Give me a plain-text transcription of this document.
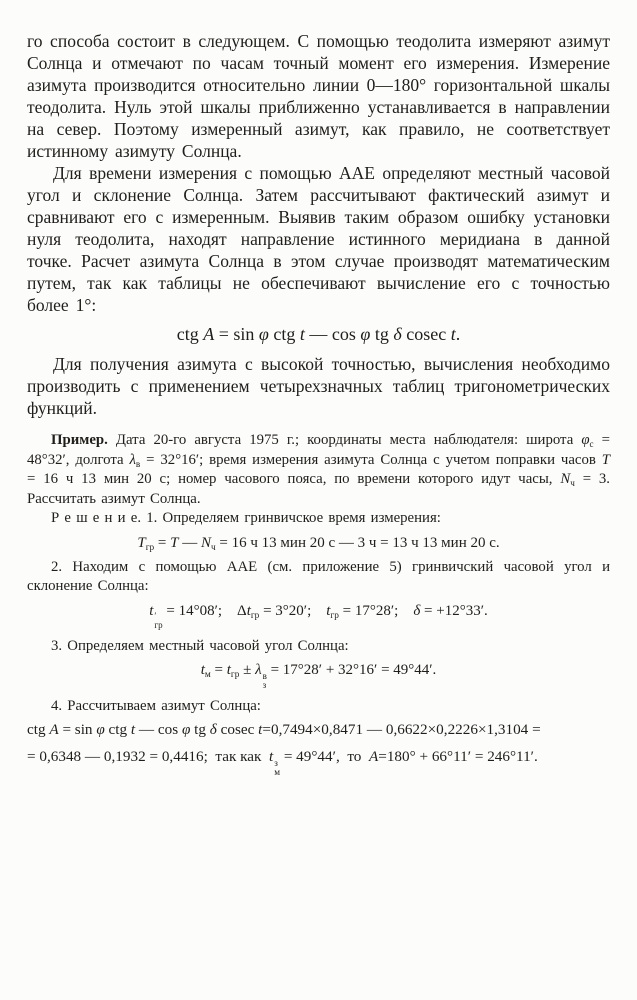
го способа состоит в следующем. С помощью теодолита измеряют азимут Солнца и отмечают по часам точный момент его измерения. Измерение азимута производится относительно линии 0—180° горизонтальной шкалы теодолита. Нуль этой шкалы приближенно устанавливается в направлении на север. Поэтому измеренный азимут, как правило, не соответствует истинному азимуту Солнца.

Для времени измерения с помощью ААЕ определяют местный часовой угол и склонение Солнца. Затем рассчитывают фактический азимут и сравнивают его с измеренным. Выявив таким образом ошибку установки нуля теодолита, находят направление истинного меридиана в данной точке. Расчет азимута Солнца в этом случае производят математическим путем, так как таблицы не обеспечивают вычисление его с точностью более 1°:

ctg A = sin φ ctg t — cos φ tg δ cosec t.

Для получения азимута с высокой точностью, вычисления необходимо производить с применением четырехзначных таблиц тригонометрических функций.

Пример. Дата 20-го августа 1975 г.; координаты места наблюдателя: широта $\varphi_с = 48^\circ 32'$, долгота $\lambda_в = 32^\circ 16'$; время измерения азимута Солнца с учетом поправки часов T = 16 ч 13 мин 20 с; номер часового пояса, по времени которого идут часы, $N_ч = 3$. Рассчитать азимут Солнца.

Р е ш е н и е. 1. Определяем гринвичское время измерения:

$T_{гр} = T$ — $N_ч = 16$ ч 13 мин 20 с — 3 ч = 13 ч 13 мин 20 с.

2. Находим с помощью ААЕ (см. приложение 5) гринвичский часовой угол и склонение Солнца:

t ′
гр
= 14°08′; $\Delta t_{гр} = 3^\circ 20'$; $t_{гр} = 17^\circ 28'$; δ = +12°33′.

3. Определяем местный часовой угол Солнца:

$t_м = t_{гр} \pm \lambda$ в
з
= 17°28′ + 32°16′ = 49°44′.

4. Рассчитываем азимут Солнца:

ctg A = sin φ ctg t — cos φ tg δ cosec t=0,7494×0,8471 — 0,6622×0,2226×1,3104 =
= 0,6348 — 0,1932 = 0,4416; так как t з
м
= 49°44′, то A=180° + 66°11′ = 246°11′.
